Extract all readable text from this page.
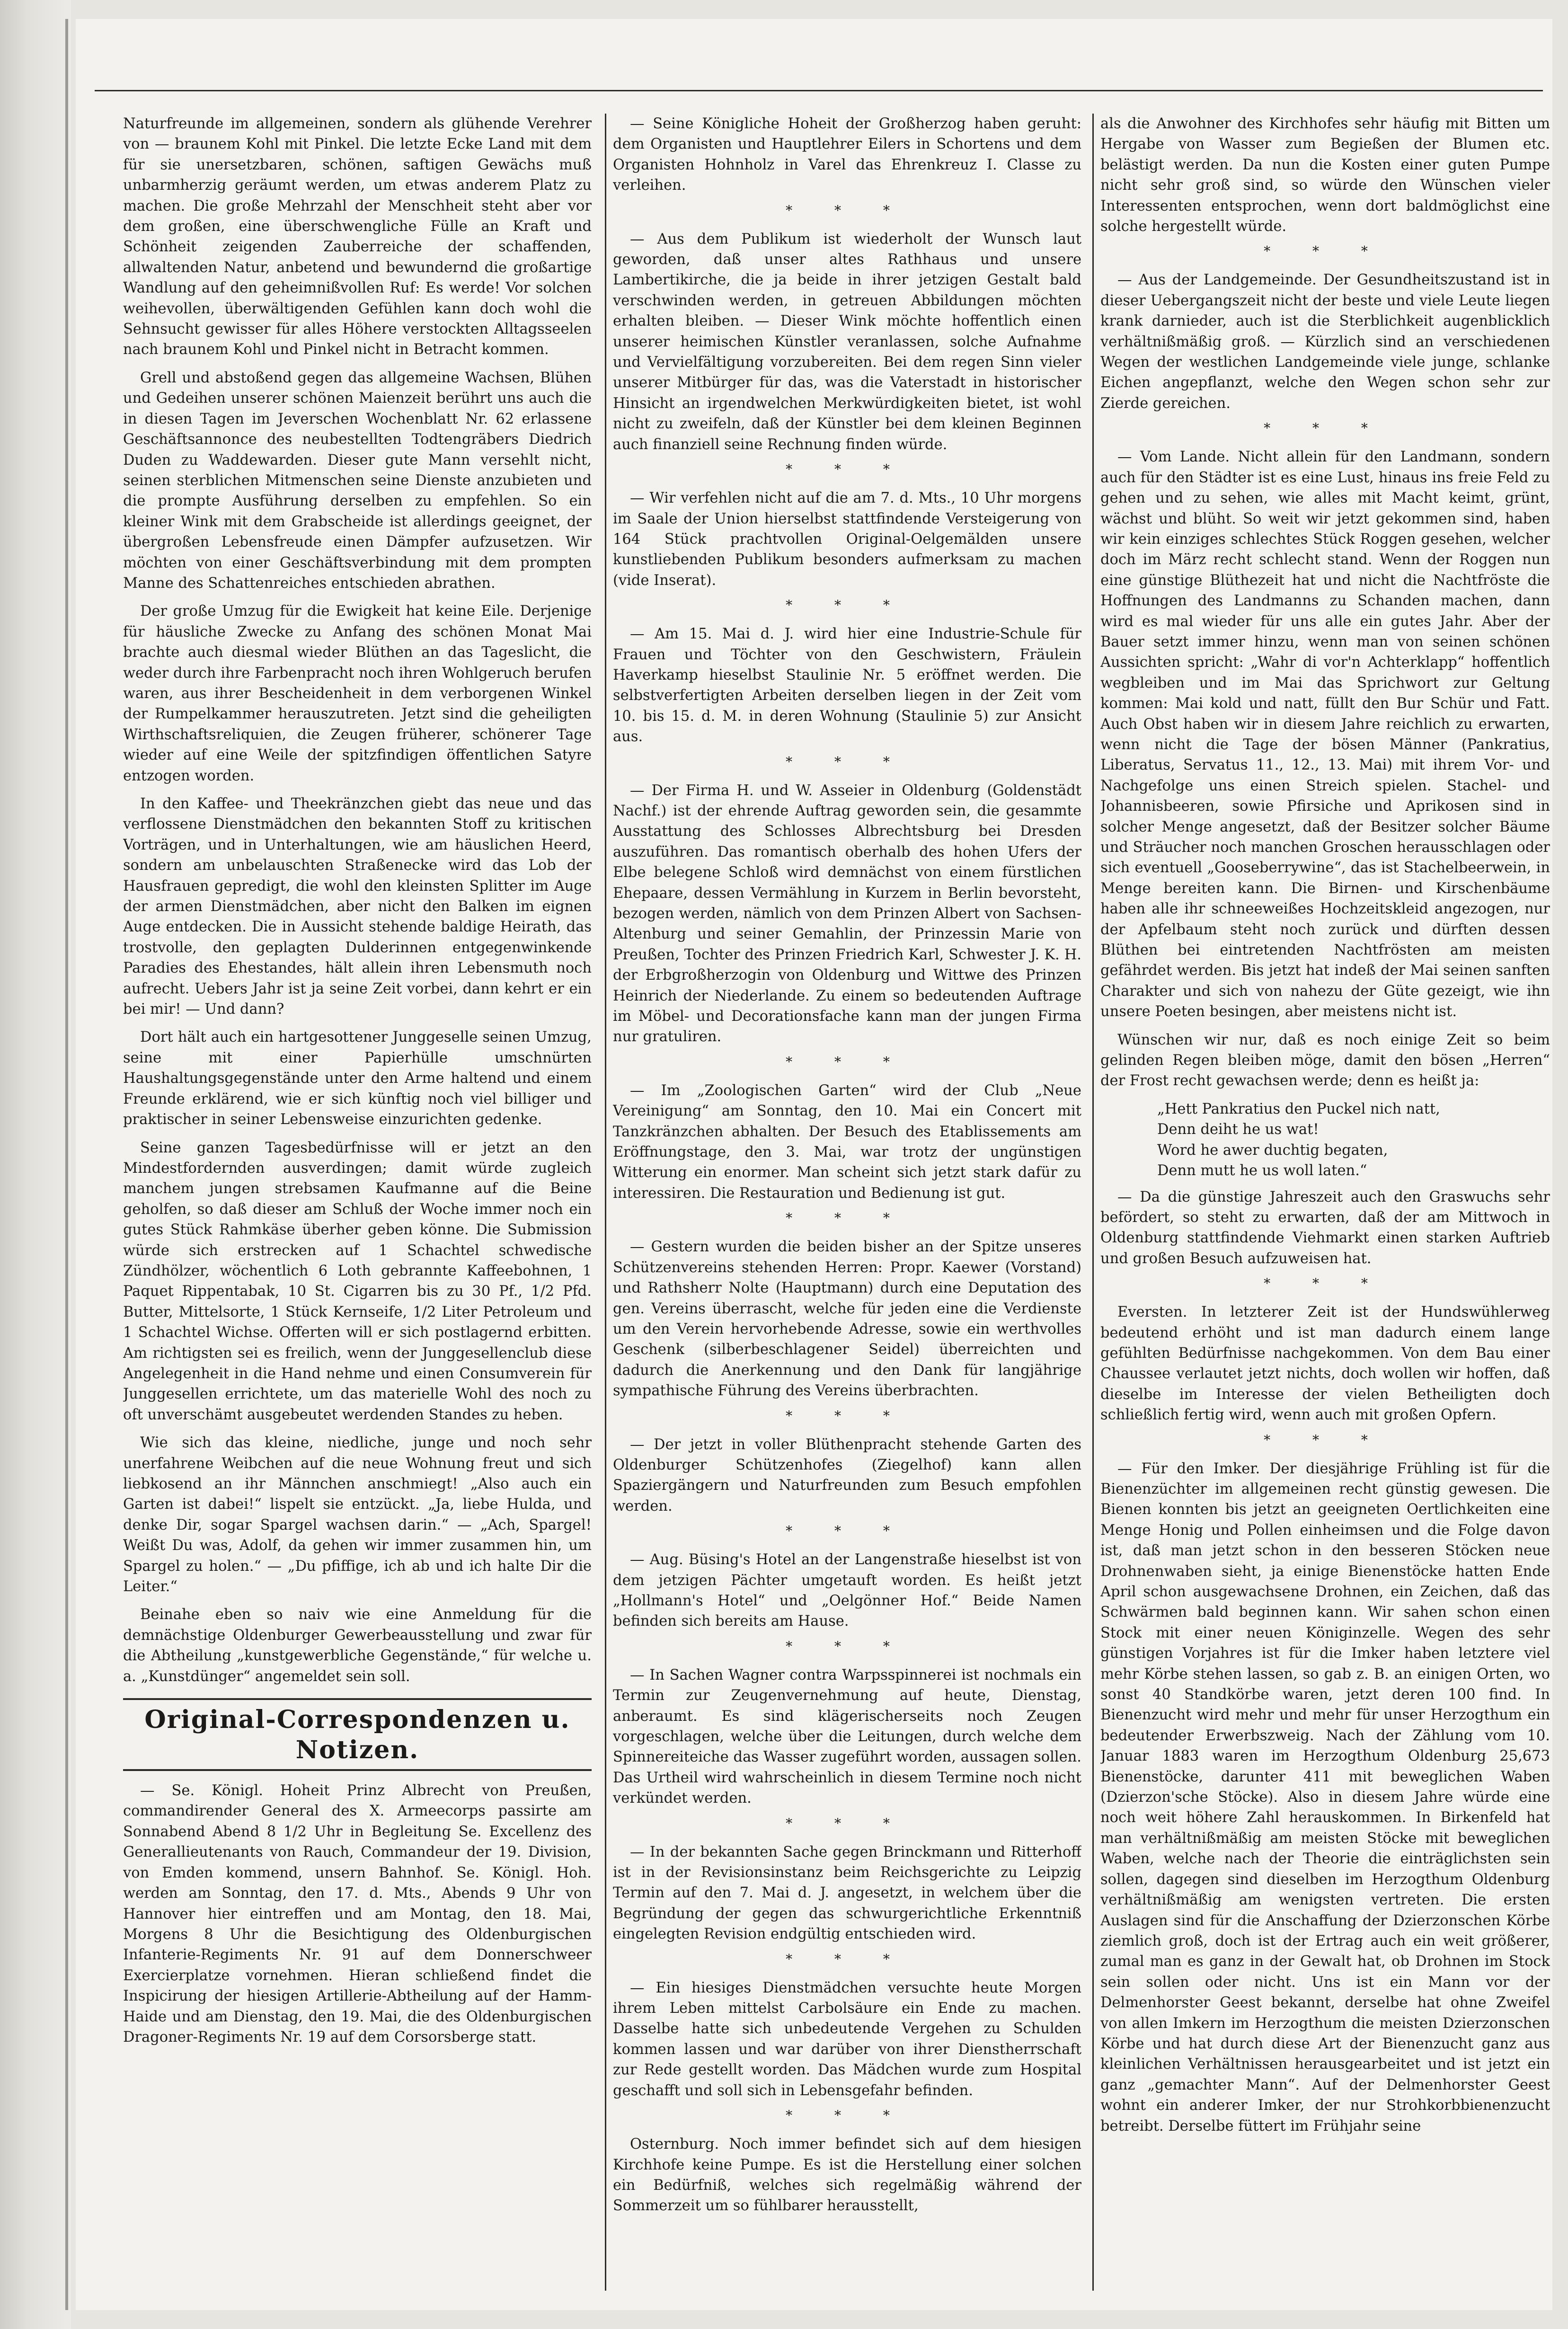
Naturfreunde im allgemeinen, sondern als glühende Verehrer von — braunem Kohl mit Pinkel. Die letzte Ecke Land mit dem für sie unersetzbaren, schönen, saftigen Gewächs muß unbarmherzig geräumt werden, um etwas anderem Platz zu machen. Die große Mehrzahl der Menschheit steht aber vor dem großen, eine überschwengliche Fülle an Kraft und Schönheit zeigenden Zauberreiche der schaffenden, allwaltenden Natur, anbetend und bewundernd die großartige Wandlung auf den geheimnißvollen Ruf: Es werde! Vor solchen weihevollen, überwältigenden Gefühlen kann doch wohl die Sehnsucht gewisser für alles Höhere verstockten Alltagsseelen nach braunem Kohl und Pinkel nicht in Betracht kommen.

Grell und abstoßend gegen das allgemeine Wachsen, Blühen und Gedeihen unserer schönen Maienzeit berührt uns auch die in diesen Tagen im Jeverschen Wochenblatt Nr. 62 erlassene Geschäftsannonce des neubestellten Todtengräbers Diedrich Duden zu Waddewarden. Dieser gute Mann versehlt nicht, seinen sterblichen Mitmenschen seine Dienste anzubieten und die prompte Ausführung derselben zu empfehlen. So ein kleiner Wink mit dem Grabscheide ist allerdings geeignet, der übergroßen Lebensfreude einen Dämpfer aufzusetzen. Wir möchten von einer Geschäftsverbindung mit dem prompten Manne des Schattenreiches entschieden abrathen.

Der große Umzug für die Ewigkeit hat keine Eile. Derjenige für häusliche Zwecke zu Anfang des schönen Monat Mai brachte auch diesmal wieder Blüthen an das Tageslicht, die weder durch ihre Farbenpracht noch ihren Wohlgeruch berufen waren, aus ihrer Bescheidenheit in dem verborgenen Winkel der Rumpelkammer herauszutreten. Jetzt sind die geheiligten Wirthschaftsreliquien, die Zeugen früherer, schönerer Tage wieder auf eine Weile der spitzfindigen öffentlichen Satyre entzogen worden.

In den Kaffee- und Theekränzchen giebt das neue und das verflossene Dienstmädchen den bekannten Stoff zu kritischen Vorträgen, und in Unterhaltungen, wie am häuslichen Heerd, sondern am unbelauschten Straßenecke wird das Lob der Hausfrauen gepredigt, die wohl den kleinsten Splitter im Auge der armen Dienstmädchen, aber nicht den Balken im eignen Auge entdecken. Die in Aussicht stehende baldige Heirath, das trostvolle, den geplagten Dulderinnen entgegenwinkende Paradies des Ehestandes, hält allein ihren Lebensmuth noch aufrecht. Uebers Jahr ist ja seine Zeit vorbei, dann kehrt er ein bei mir! — Und dann?

Dort hält auch ein hartgesottener Junggeselle seinen Umzug, seine mit einer Papierhülle umschnürten Haushaltungsgegenstände unter den Arme haltend und einem Freunde erklärend, wie er sich künftig noch viel billiger und praktischer in seiner Lebensweise einzurichten gedenke.

Seine ganzen Tagesbedürfnisse will er jetzt an den Mindestfordernden ausverdingen; damit würde zugleich manchem jungen strebsamen Kaufmanne auf die Beine geholfen, so daß dieser am Schluß der Woche immer noch ein gutes Stück Rahmkäse überher geben könne. Die Submission würde sich erstrecken auf 1 Schachtel schwedische Zündhölzer, wöchentlich 6 Loth gebrannte Kaffeebohnen, 1 Paquet Rippentabak, 10 St. Cigarren bis zu 30 Pf., 1/2 Pfd. Butter, Mittelsorte, 1 Stück Kernseife, 1/2 Liter Petroleum und 1 Schachtel Wichse. Offerten will er sich postlagernd erbitten. Am richtigsten sei es freilich, wenn der Junggesellenclub diese Angelegenheit in die Hand nehme und einen Consumverein für Junggesellen errichtete, um das materielle Wohl des noch zu oft unverschämt ausgebeutet werdenden Standes zu heben.

Wie sich das kleine, niedliche, junge und noch sehr unerfahrene Weibchen auf die neue Wohnung freut und sich liebkosend an ihr Männchen anschmiegt! „Also auch ein Garten ist dabei!“ lispelt sie entzückt. „Ja, liebe Hulda, und denke Dir, sogar Spargel wachsen darin.“ — „Ach, Spargel! Weißt Du was, Adolf, da gehen wir immer zusammen hin, um Spargel zu holen.“ — „Du pfiffige, ich ab und ich halte Dir die Leiter.“

Beinahe eben so naiv wie eine Anmeldung für die demnächstige Oldenburger Gewerbeausstellung und zwar für die Abtheilung „kunstgewerbliche Gegenstände,“ für welche u. a. „Kunstdünger“ angemeldet sein soll.

Original-Correspondenzen u. Notizen.

— Se. Königl. Hoheit Prinz Albrecht von Preußen, commandirender General des X. Armeecorps passirte am Sonnabend Abend 8 1/2 Uhr in Begleitung Se. Excellenz des Generallieutenants von Rauch, Commandeur der 19. Division, von Emden kommend, unsern Bahnhof. Se. Königl. Hoh. werden am Sonntag, den 17. d. Mts., Abends 9 Uhr von Hannover hier eintreffen und am Montag, den 18. Mai, Morgens 8 Uhr die Besichtigung des Oldenburgischen Infanterie-Regiments Nr. 91 auf dem Donnerschweer Exercierplatze vornehmen. Hieran schließend findet die Inspicirung der hiesigen Artillerie-Abtheilung auf der Hamm-Haide und am Dienstag, den 19. Mai, die des Oldenburgischen Dragoner-Regiments Nr. 19 auf dem Corsorsberge statt.

— Seine Königliche Hoheit der Großherzog haben geruht: dem Organisten und Hauptlehrer Eilers in Schortens und dem Organisten Hohnholz in Varel das Ehrenkreuz I. Classe zu verleihen.

* * *

— Aus dem Publikum ist wiederholt der Wunsch laut geworden, daß unser altes Rathhaus und unsere Lambertikirche, die ja beide in ihrer jetzigen Gestalt bald verschwinden werden, in getreuen Abbildungen möchten erhalten bleiben. — Dieser Wink möchte hoffentlich einen unserer heimischen Künstler veranlassen, solche Aufnahme und Vervielfältigung vorzubereiten. Bei dem regen Sinn vieler unserer Mitbürger für das, was die Vaterstadt in historischer Hinsicht an irgendwelchen Merkwürdigkeiten bietet, ist wohl nicht zu zweifeln, daß der Künstler bei dem kleinen Beginnen auch finanziell seine Rechnung finden würde.

* * *

— Wir verfehlen nicht auf die am 7. d. Mts., 10 Uhr morgens im Saale der Union hierselbst stattfindende Versteigerung von 164 Stück prachtvollen Original-Oelgemälden unsere kunstliebenden Publikum besonders aufmerksam zu machen (vide Inserat).

* * *

— Am 15. Mai d. J. wird hier eine Industrie-Schule für Frauen und Töchter von den Geschwistern, Fräulein Haverkamp hieselbst Staulinie Nr. 5 eröffnet werden. Die selbstverfertigten Arbeiten derselben liegen in der Zeit vom 10. bis 15. d. M. in deren Wohnung (Staulinie 5) zur Ansicht aus.

* * *

— Der Firma H. und W. Asseier in Oldenburg (Goldenstädt Nachf.) ist der ehrende Auftrag geworden sein, die gesammte Ausstattung des Schlosses Albrechtsburg bei Dresden auszuführen. Das romantisch oberhalb des hohen Ufers der Elbe belegene Schloß wird demnächst von einem fürstlichen Ehepaare, dessen Vermählung in Kurzem in Berlin bevorsteht, bezogen werden, nämlich von dem Prinzen Albert von Sachsen-Altenburg und seiner Gemahlin, der Prinzessin Marie von Preußen, Tochter des Prinzen Friedrich Karl, Schwester J. K. H. der Erbgroßherzogin von Oldenburg und Wittwe des Prinzen Heinrich der Niederlande. Zu einem so bedeutenden Auftrage im Möbel- und Decorationsfache kann man der jungen Firma nur gratuliren.

* * *

— Im „Zoologischen Garten“ wird der Club „Neue Vereinigung“ am Sonntag, den 10. Mai ein Concert mit Tanzkränzchen abhalten. Der Besuch des Etablissements am Eröffnungstage, den 3. Mai, war trotz der ungünstigen Witterung ein enormer. Man scheint sich jetzt stark dafür zu interessiren. Die Restauration und Bedienung ist gut.

* * *

— Gestern wurden die beiden bisher an der Spitze unseres Schützenvereins stehenden Herren: Propr. Kaewer (Vorstand) und Rathsherr Nolte (Hauptmann) durch eine Deputation des gen. Vereins überrascht, welche für jeden eine die Verdienste um den Verein hervorhebende Adresse, sowie ein werthvolles Geschenk (silberbeschlagener Seidel) überreichten und dadurch die Anerkennung und den Dank für langjährige sympathische Führung des Vereins überbrachten.

* * *

— Der jetzt in voller Blüthenpracht stehende Garten des Oldenburger Schützenhofes (Ziegelhof) kann allen Spaziergängern und Naturfreunden zum Besuch empfohlen werden.

* * *

— Aug. Büsing's Hotel an der Langenstraße hieselbst ist von dem jetzigen Pächter umgetauft worden. Es heißt jetzt „Hollmann's Hotel“ und „Oelgönner Hof.“ Beide Namen befinden sich bereits am Hause.

* * *

— In Sachen Wagner contra Warpsspinnerei ist nochmals ein Termin zur Zeugenvernehmung auf heute, Dienstag, anberaumt. Es sind klägerischerseits noch Zeugen vorgeschlagen, welche über die Leitungen, durch welche dem Spinnereiteiche das Wasser zugeführt worden, aussagen sollen. Das Urtheil wird wahrscheinlich in diesem Termine noch nicht verkündet werden.

* * *

— In der bekannten Sache gegen Brinckmann und Ritterhoff ist in der Revisionsinstanz beim Reichsgerichte zu Leipzig Termin auf den 7. Mai d. J. angesetzt, in welchem über die Begründung der gegen das schwurgerichtliche Erkenntniß eingelegten Revision endgültig entschieden wird.

* * *

— Ein hiesiges Dienstmädchen versuchte heute Morgen ihrem Leben mittelst Carbolsäure ein Ende zu machen. Dasselbe hatte sich unbedeutende Vergehen zu Schulden kommen lassen und war darüber von ihrer Dienstherrschaft zur Rede gestellt worden. Das Mädchen wurde zum Hospital geschafft und soll sich in Lebensgefahr befinden.

* * *

Osternburg. Noch immer befindet sich auf dem hiesigen Kirchhofe keine Pumpe. Es ist die Herstellung einer solchen ein Bedürfniß, welches sich regelmäßig während der Sommerzeit um so fühlbarer herausstellt,

als die Anwohner des Kirchhofes sehr häufig mit Bitten um Hergabe von Wasser zum Begießen der Blumen etc. belästigt werden. Da nun die Kosten einer guten Pumpe nicht sehr groß sind, so würde den Wünschen vieler Interessenten entsprochen, wenn dort baldmöglichst eine solche hergestellt würde.

* * *

— Aus der Landgemeinde. Der Gesundheitszustand ist in dieser Uebergangszeit nicht der beste und viele Leute liegen krank darnieder, auch ist die Sterblichkeit augenblicklich verhältnißmäßig groß. — Kürzlich sind an verschiedenen Wegen der westlichen Landgemeinde viele junge, schlanke Eichen angepflanzt, welche den Wegen schon sehr zur Zierde gereichen.

* * *

— Vom Lande. Nicht allein für den Landmann, sondern auch für den Städter ist es eine Lust, hinaus ins freie Feld zu gehen und zu sehen, wie alles mit Macht keimt, grünt, wächst und blüht. So weit wir jetzt gekommen sind, haben wir kein einziges schlechtes Stück Roggen gesehen, welcher doch im März recht schlecht stand. Wenn der Roggen nun eine günstige Blüthezeit hat und nicht die Nachtfröste die Hoffnungen des Landmanns zu Schanden machen, dann wird es mal wieder für uns alle ein gutes Jahr. Aber der Bauer setzt immer hinzu, wenn man von seinen schönen Aussichten spricht: „Wahr di vor'n Achterklapp“ hoffentlich wegbleiben und im Mai das Sprichwort zur Geltung kommen: Mai kold und natt, füllt den Bur Schür und Fatt. Auch Obst haben wir in diesem Jahre reichlich zu erwarten, wenn nicht die Tage der bösen Männer (Pankratius, Liberatus, Servatus 11., 12., 13. Mai) mit ihrem Vor- und Nachgefolge uns einen Streich spielen. Stachel- und Johannisbeeren, sowie Pfirsiche und Aprikosen sind in solcher Menge angesetzt, daß der Besitzer solcher Bäume und Sträucher noch manchen Groschen herausschlagen oder sich eventuell „Gooseberrywine“, das ist Stachelbeerwein, in Menge bereiten kann. Die Birnen- und Kirschenbäume haben alle ihr schneeweißes Hochzeitskleid angezogen, nur der Apfelbaum steht noch zurück und dürften dessen Blüthen bei eintretenden Nachtfrösten am meisten gefährdet werden. Bis jetzt hat indeß der Mai seinen sanften Charakter und sich von nahezu der Güte gezeigt, wie ihn unsere Poeten besingen, aber meistens nicht ist.

Wünschen wir nur, daß es noch einige Zeit so beim gelinden Regen bleiben möge, damit den bösen „Herren“ der Frost recht gewachsen werde; denn es heißt ja:

„Hett Pankratius den Puckel nich natt,
Denn deiht he us wat!
Word he awer duchtig begaten,
Denn mutt he us woll laten.“

— Da die günstige Jahreszeit auch den Graswuchs sehr befördert, so steht zu erwarten, daß der am Mittwoch in Oldenburg stattfindende Viehmarkt einen starken Auftrieb und großen Besuch aufzuweisen hat.

* * *

Eversten. In letzterer Zeit ist der Hundswühlerweg bedeutend erhöht und ist man dadurch einem lange gefühlten Bedürfnisse nachgekommen. Von dem Bau einer Chaussee verlautet jetzt nichts, doch wollen wir hoffen, daß dieselbe im Interesse der vielen Betheiligten doch schließlich fertig wird, wenn auch mit großen Opfern.

* * *

— Für den Imker. Der diesjährige Frühling ist für die Bienenzüchter im allgemeinen recht günstig gewesen. Die Bienen konnten bis jetzt an geeigneten Oertlichkeiten eine Menge Honig und Pollen einheimsen und die Folge davon ist, daß man jetzt schon in den besseren Stöcken neue Drohnenwaben sieht, ja einige Bienenstöcke hatten Ende April schon ausgewachsene Drohnen, ein Zeichen, daß das Schwärmen bald beginnen kann. Wir sahen schon einen Stock mit einer neuen Königinzelle. Wegen des sehr günstigen Vorjahres ist für die Imker haben letztere viel mehr Körbe stehen lassen, so gab z. B. an einigen Orten, wo sonst 40 Standkörbe waren, jetzt deren 100 find. In Bienenzucht wird mehr und mehr für unser Herzogthum ein bedeutender Erwerbszweig. Nach der Zählung vom 10. Januar 1883 waren im Herzogthum Oldenburg 25,673 Bienenstöcke, darunter 411 mit beweglichen Waben (Dzierzon'sche Stöcke). Also in diesem Jahre würde eine noch weit höhere Zahl herauskommen. In Birkenfeld hat man verhältnißmäßig am meisten Stöcke mit beweglichen Waben, welche nach der Theorie die einträglichsten sein sollen, dagegen sind dieselben im Herzogthum Oldenburg verhältnißmäßig am wenigsten vertreten. Die ersten Auslagen sind für die Anschaffung der Dzierzonschen Körbe ziemlich groß, doch ist der Ertrag auch ein weit größerer, zumal man es ganz in der Gewalt hat, ob Drohnen im Stock sein sollen oder nicht. Uns ist ein Mann vor der Delmenhorster Geest bekannt, derselbe hat ohne Zweifel von allen Imkern im Herzogthum die meisten Dzierzonschen Körbe und hat durch diese Art der Bienenzucht ganz aus kleinlichen Verhältnissen herausgearbeitet und ist jetzt ein ganz „gemachter Mann“. Auf der Delmenhorster Geest wohnt ein anderer Imker, der nur Strohkorbbienenzucht betreibt. Derselbe füttert im Frühjahr seine
